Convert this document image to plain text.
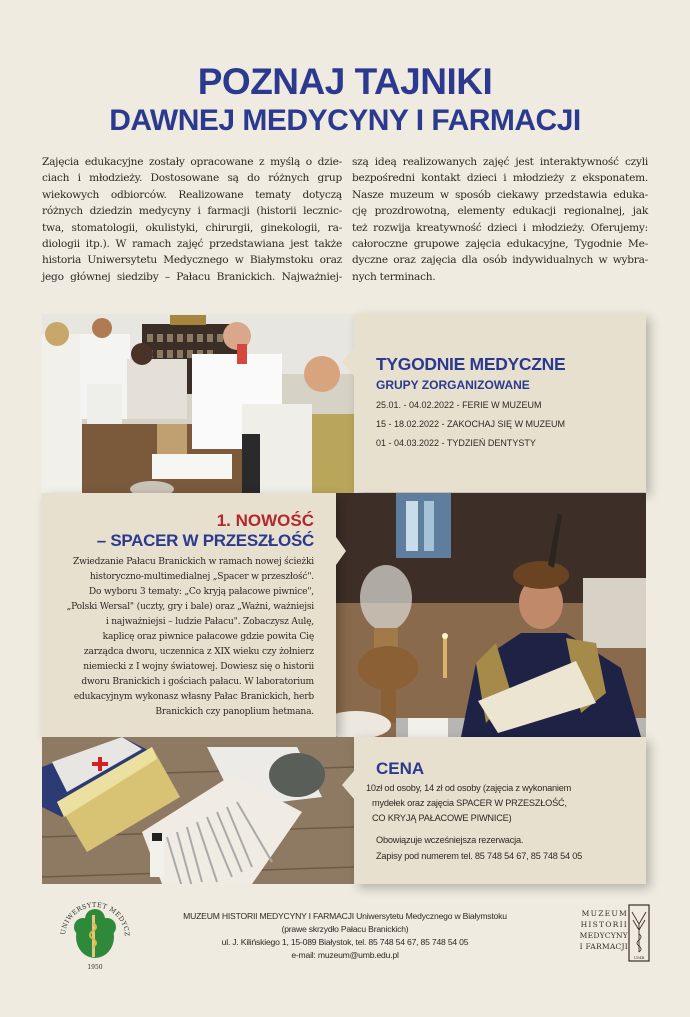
POZNAJ TAJNIKI
DAWNEJ MEDYCYNY I FARMACJI
Zajęcia edukacyjne zostały opracowane z myślą o dzie-
ciach i młodzieży. Dostosowane są do różnych grup
wiekowych odbiorców. Realizowane tematy dotyczą
różnych dziedzin medycyny i farmacji (historii lecznic-
twa, stomatologii, okulistyki, chirurgii, ginekologii, ra-
diologii itp.). W ramach zajęć przedstawiana jest także
historia Uniwersytetu Medycznego w Białymstoku oraz
jego głównej siedziby – Pałacu Branickich. Najważniej-
szą ideą realizowanych zajęć jest interaktywność czyli
bezpośredni kontakt dzieci i młodzieży z eksponatem.
Nasze muzeum w sposób ciekawy przedstawia eduka-
cję prozdrowotną, elementy edukacji regionalnej, jak
też rozwija kreatywność dzieci i młodzieży. Oferujemy:
całoroczne grupowe zajęcia edukacyjne, Tygodnie Me-
dyczne oraz zajęcia dla osób indywidualnych w wybra-
nych terminach.
TYGODNIE MEDYCZNE
GRUPY ZORGANIZOWANE
25.01. - 04.02.2022 - FERIE W MUZEUM
15 - 18.02.2022 - ZAKOCHAJ SIĘ W MUZEUM
01 - 04.03.2022 - TYDZIEŃ DENTYSTY
1. NOWOŚĆ
– SPACER W PRZESZŁOŚĆ
Zwiedzanie Pałacu Branickich w ramach nowej ścieżki
historyczno-multimedialnej „Spacer w przeszłość".
Do wyboru 3 tematy: „Co kryją pałacowe piwnice",
„Polski Wersal" (uczty, gry i bale) oraz „Ważni, ważniejsi
i najważniejsi – ludzie Pałacu". Zobaczysz Aulę,
kaplicę oraz piwnice pałacowe gdzie powita Cię
zarządca dworu, uczennica z XIX wieku czy żołnierz
niemiecki z I wojny światowej. Dowiesz się o historii
dworu Branickich i gościach pałacu. W laboratorium
edukacyjnym wykonasz własny Pałac Branickich, herb
Branickich czy panoplium hetmana.
CENA
10zł od osoby, 14 zł od osoby (zajęcia z wykonaniem
mydełek oraz zajęcia SPACER W PRZESZŁOŚĆ,
CO KRYJĄ PAŁACOWE PIWNICE)
Obowiązuje wcześniejsza rezerwacja.
Zapisy pod numerem tel. 85 748 54 67, 85 748 54 05
UNIWERSYTET MEDYCZ
1950
MUZEUM HISTORII MEDYCYNY I FARMACJI Uniwersytetu Medycznego w Białymstoku
(prawe skrzydło Pałacu Branickich)
ul. J. Kilińskiego 1, 15-089 Białystok, tel. 85 748 54 67, 85 748 54 05
e-mail: muzeum@umb.edu.pl
MUZEUM
HISTORII
MEDYCYNY
I FARMACJI
UMB
